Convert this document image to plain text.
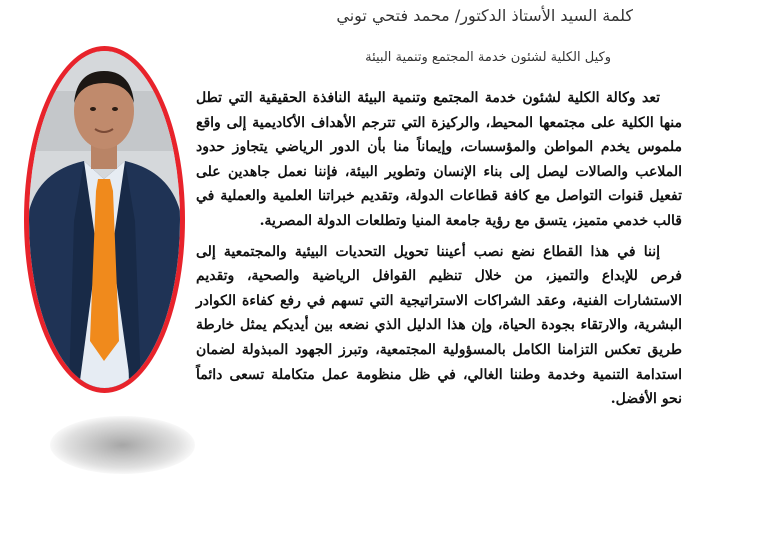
كلمة السيد الأستاذ الدكتور/ محمد فتحي توني
وكيل الكلية لشئون خدمة المجتمع وتنمية البيئة

تعد وكالة الكلية لشئون خدمة المجتمع وتنمية البيئة النافذة الحقيقية التي تطل منها الكلية على مجتمعها المحيط، والركيزة التي تترجم الأهداف الأكاديمية إلى واقع ملموس يخدم المواطن والمؤسسات، وإيماناً منا بأن الدور الرياضي يتجاوز حدود الملاعب والصالات ليصل إلى بناء الإنسان وتطوير البيئة، فإننا نعمل جاهدين على تفعيل قنوات التواصل مع كافة قطاعات الدولة، وتقديم خبراتنا العلمية والعملية في قالب خدمي متميز، يتسق مع رؤية جامعة المنيا وتطلعات الدولة المصرية.

إننا في هذا القطاع نضع نصب أعيننا تحويل التحديات البيئية والمجتمعية إلى فرص للإبداع والتميز، من خلال تنظيم القوافل الرياضية والصحية، وتقديم الاستشارات الفنية، وعقد الشراكات الاستراتيجية التي تسهم في رفع كفاءة الكوادر البشرية، والارتقاء بجودة الحياة، وإن هذا الدليل الذي نضعه بين أيديكم يمثل خارطة طريق تعكس التزامنا الكامل بالمسؤولية المجتمعية، وتبرز الجهود المبذولة لضمان استدامة التنمية وخدمة وطننا الغالي، في ظل منظومة عمل متكاملة تسعى دائماً نحو الأفضل.
